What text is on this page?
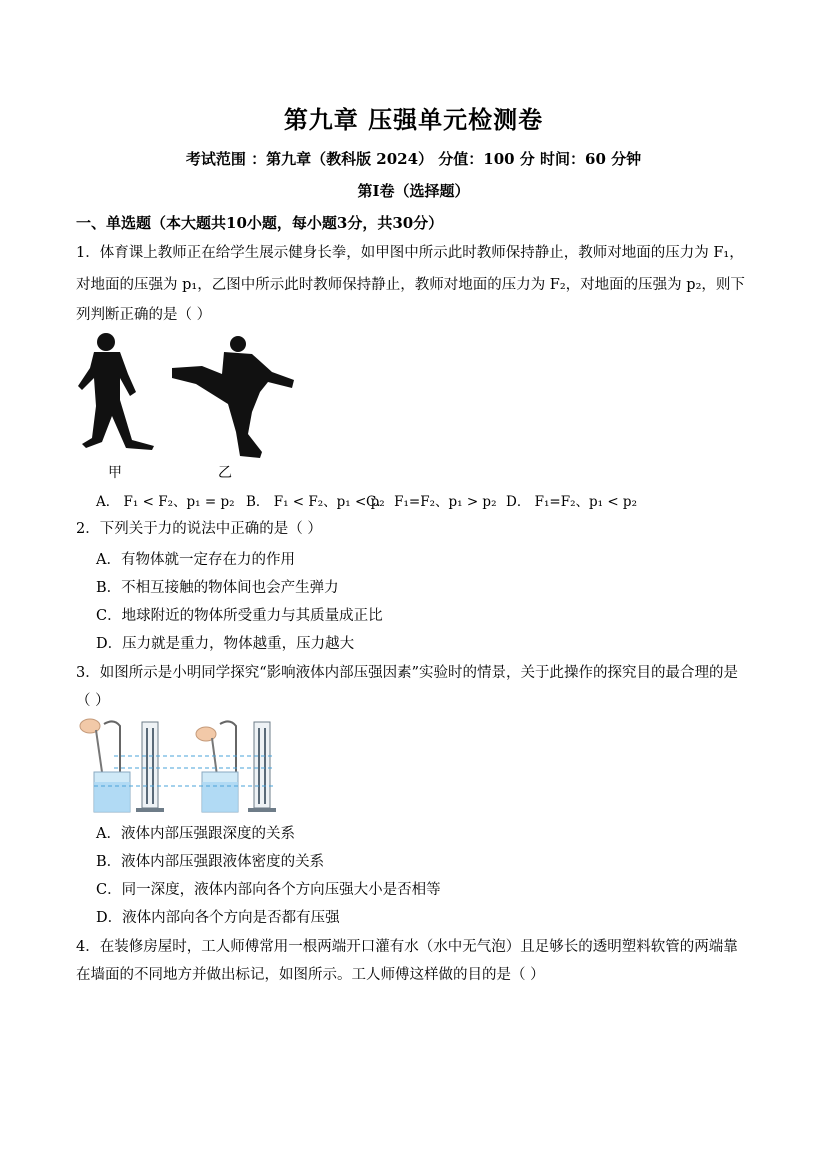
第九章 压强单元检测卷
考试范围 ：第九章（教科版 2024） 分值：100 分 时间：60 分钟
第Ⅰ卷（选择题）
一、单选题（本大题共10小题，每小题3分，共30分）
1．体育课上教师正在给学生展示健身长拳，如甲图中所示此时教师保持静止，教师对地面的压力为 F₁，
对地面的压强为 p₁，乙图中所示此时教师保持静止，教师对地面的压力为 F₂，对地面的压强为 p₂，则下
列判断正确的是（ ）
甲	乙
A． F₁ < F₂、p₁ = p₂ B． F₁ < F₂、p₁ < p₂
C． F₁=F₂、p₁ > p₂ D． F₁=F₂、p₁ < p₂
2．下列关于力的说法中正确的是（ ）
A．有物体就一定存在力的作用
B．不相互接触的物体间也会产生弹力
C．地球附近的物体所受重力与其质量成正比
D．压力就是重力，物体越重，压力越大
3．如图所示是小明同学探究“影响液体内部压强因素”实验时的情景，关于此操作的探究目的最合理的是
（ ）
A．液体内部压强跟深度的关系
B．液体内部压强跟液体密度的关系
C．同一深度，液体内部向各个方向压强大小是否相等
D．液体内部向各个方向是否都有压强
4．在装修房屋时，工人师傅常用一根两端开口灌有水（水中无气泡）且足够长的透明塑料软管的两端靠
在墙面的不同地方并做出标记，如图所示。工人师傅这样做的目的是（ ）
